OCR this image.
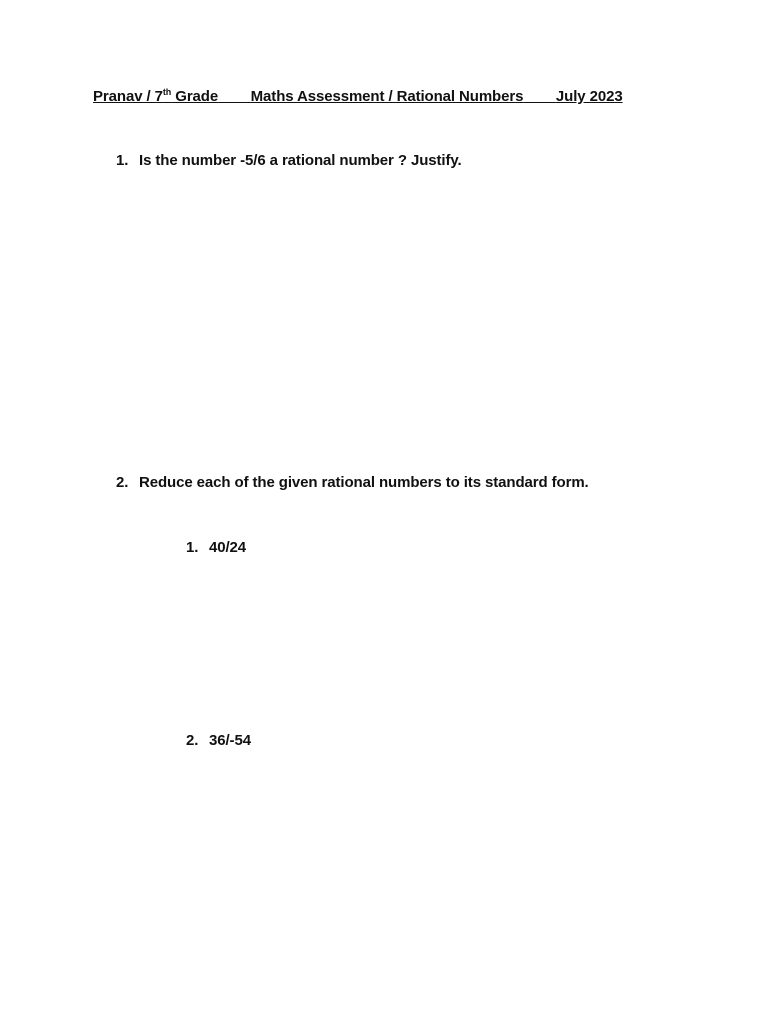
Pranav / 7th Grade Maths Assessment / Rational Numbers July 2023
1. Is the number -5/6 a rational number ? Justify.
2. Reduce each of the given rational numbers to its standard form.
1. 40/24
2. 36/-54
